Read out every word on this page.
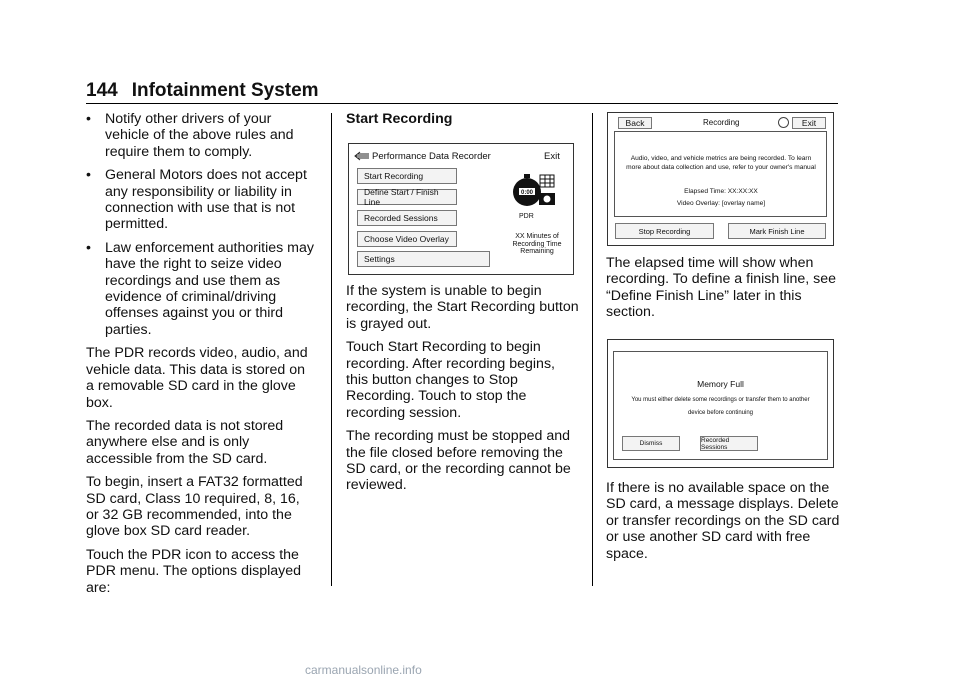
144 Infotainment System
• Notify other drivers of your vehicle of the above rules and require them to comply.
• General Motors does not accept any responsibility or liability in connection with use that is not permitted.
• Law enforcement authorities may have the right to seize video recordings and use them as evidence of criminal/driving offenses against you or third parties.

The PDR records video, audio, and vehicle data. This data is stored on a removable SD card in the glove box.

The recorded data is not stored anywhere else and is only accessible from the SD card.

To begin, insert a FAT32 formatted SD card, Class 10 required, 8, 16, or 32 GB recommended, into the glove box SD card reader.

Touch the PDR icon to access the PDR menu. The options displayed are:

Start Recording

Performance Data Recorder	Exit
Start Recording
Define Start / Finish Line
Recorded Sessions
Choose Video Overlay
Settings
0:00
PDR
XX Minutes of
Recording Time
Remaining

If the system is unable to begin recording, the Start Recording button is grayed out.

Touch Start Recording to begin recording. After recording begins, this button changes to Stop Recording. Touch to stop the recording session.

The recording must be stopped and the file closed before removing the SD card, or the recording cannot be reviewed.

Back	Recording	Exit
Audio, video, and vehicle metrics are being recorded. To learn
more about data collection and use, refer to your owner's manual
Elapsed Time: XX:XX:XX
Video Overlay: [overlay name]
Stop Recording	Mark Finish Line

The elapsed time will show when recording. To define a finish line, see “Define Finish Line” later in this section.

Memory Full
You must either delete some recordings or transfer them to another
device before continuing
Dismiss	Recorded Sessions

If there is no available space on the SD card, a message displays. Delete or transfer recordings on the SD card or use another SD card with free space.

carmanualsonline.info
